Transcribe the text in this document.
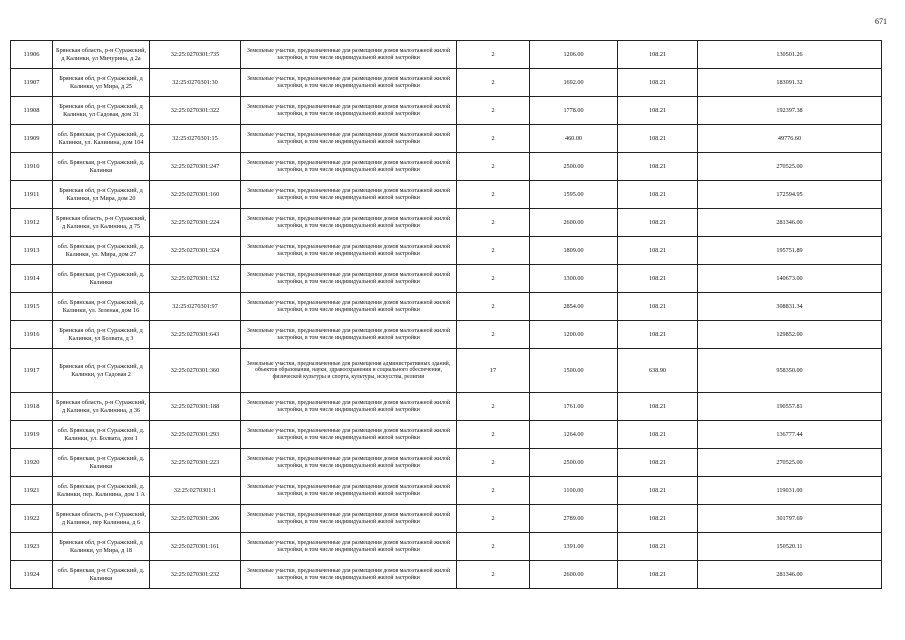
671
11906	Брянская область, р-н Суражский, д Калинки, ул Мичурина, д 2а	32:25:0270301:735	Земельные участки, предназначенные для размещения домов малоэтажной жилой застройки, в том числе индивидуальной жилой застройки	2	1206.00	108.21	130501.26
11907	Брянская обл, р-н Суражский, д Калинки, ул Мира, д 25	32:25:0270301:30	Земельные участки, предназначенные для размещения домов малоэтажной жилой застройки, в том числе индивидуальной жилой застройки	2	1692.00	108.21	183091.32
11908	Брянская обл, р-н Суражский, д Калинки, ул Садовая, дом 31	32:25:0270301:322	Земельные участки, предназначенные для размещения домов малоэтажной жилой застройки, в том числе индивидуальной жилой застройки	2	1778.00	108.21	192397.38
11909	обл. Брянская, р-н Суражский, д. Калинки, ул. Калинина, дом 104	32:25:0270301:15	Земельные участки, предназначенные для размещения домов малоэтажной жилой застройки, в том числе индивидуальной жилой застройки	2	460.00	108.21	49776.60
11910	обл. Брянская, р-н Суражский, д. Калинки	32:25:0270301:247	Земельные участки, предназначенные для размещения домов малоэтажной жилой застройки, в том числе индивидуальной жилой застройки	2	2500.00	108.21	270525.00
11911	Брянская обл, р-н Суражский, д Калинки, ул Мира, дом 20	32:25:0270301:160	Земельные участки, предназначенные для размещения домов малоэтажной жилой застройки, в том числе индивидуальной жилой застройки	2	1595.00	108.21	172594.95
11912	Брянская область, р-н Суражский, д Калинки, ул Калинина, д 75	32:25:0270301:224	Земельные участки, предназначенные для размещения домов малоэтажной жилой застройки, в том числе индивидуальной жилой застройки	2	2600.00	108.21	281346.00
11913	обл. Брянская, р-н Суражский, д. Калинки, ул. Мира, дом 27	32:25:0270301:324	Земельные участки, предназначенные для размещения домов малоэтажной жилой застройки, в том числе индивидуальной жилой застройки	2	1809.00	108.21	195751.89
11914	обл. Брянская, р-н Суражский, д. Калинки	32:25:0270301:152	Земельные участки, предназначенные для размещения домов малоэтажной жилой застройки, в том числе индивидуальной жилой застройки	2	1300.00	108.21	140673.00
11915	обл. Брянская, р-н Суражский, д. Калинки, ул. Зеленая, дом 16	32:25:0270301:97	Земельные участки, предназначенные для размещения домов малоэтажной жилой застройки, в том числе индивидуальной жилой застройки	2	2854.00	108.21	308831.34
11916	Брянская обл, р-н Суражский, д Калинки, ул Болвата, д 3	32:25:0270301:643	Земельные участки, предназначенные для размещения домов малоэтажной жилой застройки, в том числе индивидуальной жилой застройки	2	1200.00	108.21	129852.00
11917	Брянская обл, р-н Суражский, д Калинки, ул Садовая 2	32:25:0270301:360	Земельные участки, предназначенные для размещения административных зданий, объектов образования, науки, здравоохранения и социального обеспечения, физической культуры и спорта, культуры, искусства, религии	17	1500.00	638.90	958350.00
11918	Брянская область, р-н Суражский, д Калинки, ул Калинина, д 36	32:25:0270301:188	Земельные участки, предназначенные для размещения домов малоэтажной жилой застройки, в том числе индивидуальной жилой застройки	2	1761.00	108.21	190557.81
11919	обл. Брянская, р-н Суражский, д. Калинки, ул. Болвата, дом 1	32:25:0270301:293	Земельные участки, предназначенные для размещения домов малоэтажной жилой застройки, в том числе индивидуальной жилой застройки	2	1264.00	108.21	136777.44
11920	обл. Брянская, р-н Суражский, д. Калинки	32:25:0270301:223	Земельные участки, предназначенные для размещения домов малоэтажной жилой застройки, в том числе индивидуальной жилой застройки	2	2500.00	108.21	270525.00
11921	обл. Брянская, р-н Суражский, д. Калинки, пер. Калинина, дом 1 А	32:25:0270301:1	Земельные участки, предназначенные для размещения домов малоэтажной жилой застройки, в том числе индивидуальной жилой застройки	2	1100.00	108.21	119031.00
11922	Брянская область, р-н Суражский, д Калинки, пер Калинина, д 6	32:25:0270301:206	Земельные участки, предназначенные для размещения домов малоэтажной жилой застройки, в том числе индивидуальной жилой застройки	2	2789.00	108.21	301797.69
11923	Брянская обл, р-н Суражский, д Калинки, ул Мира, д 18	32:25:0270301:161	Земельные участки, предназначенные для размещения домов малоэтажной жилой застройки, в том числе индивидуальной жилой застройки	2	1391.00	108.21	150520.11
11924	обл. Брянская, р-н Суражский, д. Калинки	32:25:0270301:232	Земельные участки, предназначенные для размещения домов малоэтажной жилой застройки, в том числе индивидуальной жилой застройки	2	2600.00	108.21	281346.00
